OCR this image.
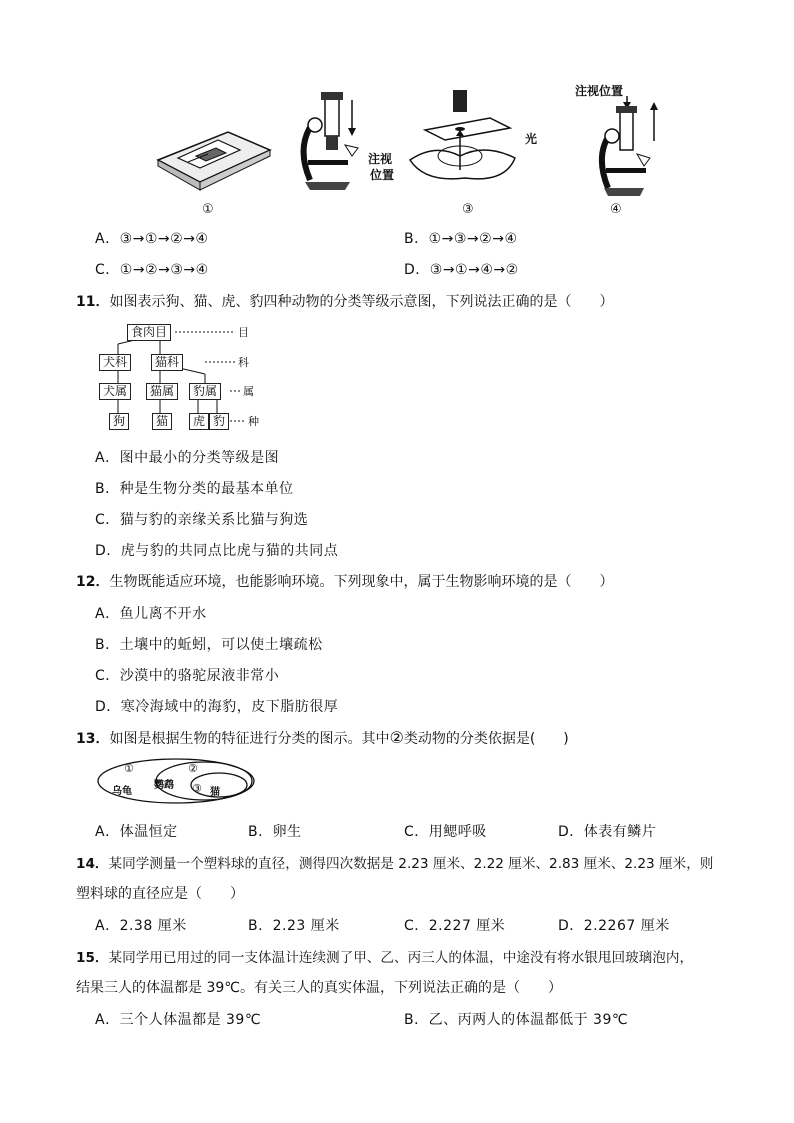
注视
位置
光
注视位置
①	③	④
A．③→①→②→④	B．①→③→②→④
C．①→②→③→④	D．③→①→④→②
11．如图表示狗、猫、虎、豹四种动物的分类等级示意图，下列说法正确的是（　　）
食肉目
犬科	猫科
犬属	猫属	豹属
狗	猫	虎 豹
目
科
属
种
A．图中最小的分类等级是图
B．种是生物分类的最基本单位
C．猫与豹的亲缘关系比猫与狗选
D．虎与豹的共同点比虎与猫的共同点
12．生物既能适应环境，也能影响环境。下列现象中，属于生物影响环境的是（　　）
A．鱼儿离不开水
B．土壤中的蚯蚓，可以使土壤疏松
C．沙漠中的骆驼尿液非常小
D．寒冷海域中的海豹，皮下脂肪很厚
13．如图是根据生物的特征进行分类的图示。其中②类动物的分类依据是(　　)
①	②
③
乌龟
鹦鹉
猫
A．体温恒定	B．卵生	C．用鳃呼吸	D．体表有鳞片
14．某同学测量一个塑料球的直径，测得四次数据是 2.23 厘米、2.22 厘米、2.83 厘米、2.23 厘米，则
塑料球的直径应是（　　）
A．2.38 厘米	B．2.23 厘米	C．2.227 厘米	D．2.2267 厘米
15．某同学用已用过的同一支体温计连续测了甲、乙、丙三人的体温，中途没有将水银甩回玻璃泡内，
结果三人的体温都是 39℃。有关三人的真实体温，下列说法正确的是（　　）
A．三个人体温都是 39℃	B．乙、丙两人的体温都低于 39℃
